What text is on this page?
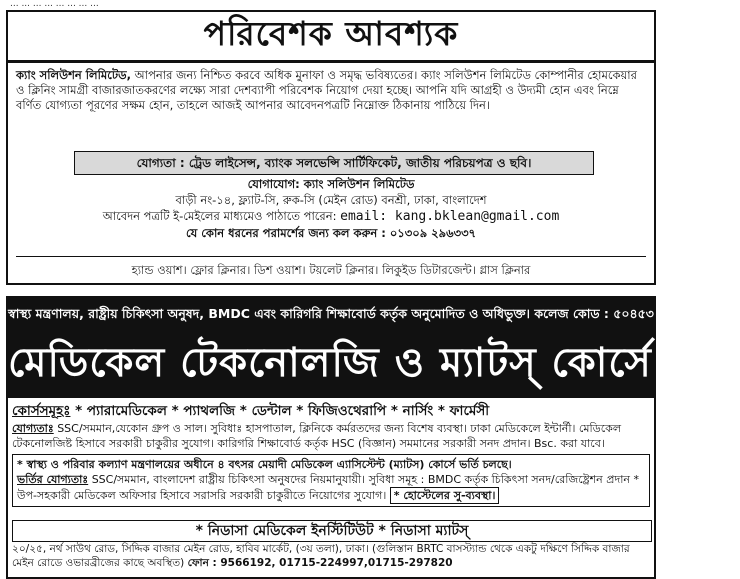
... ... ... ... ... ... ... ...
পরিবেশক আবশ্যক
ক্যাং সলিউশন লিমিটেড, আপনার জন্য নিশ্চিত করবে অধিক মুনাফা ও সমৃদ্ধ ভবিষ্যতের। ক্যাং সলিউশন লিমিটেড কোম্পানীর হোমকেয়ার ও ক্লিনিং সামগ্রী বাজারজাতকরণের লক্ষ্যে সারা দেশব্যাপী পরিবেশক নিয়োগ দেয়া হচ্ছে। আপনি যদি আগ্রহী ও উদ্যমী হোন এবং নিম্নে বর্ণিত যোগ্যতা পূরণের সক্ষম হোন, তাহলে আজই আপনার আবেদনপত্রটি নিম্নোক্ত ঠিকানায় পাঠিয়ে দিন।
যোগ্যতা : ট্রেড লাইসেন্স, ব্যাংক সলভেন্সি সার্টিফিকেট, জাতীয় পরিচয়পত্র ও ছবি।
যোগাযোগ: ক্যাং সলিউশন লিমিটেড
বাড়ী নং-১৪, ফ্ল্যাট-সি, রুক-সি (মেইন রোড) বনশ্রী, ঢাকা, বাংলাদেশ
আবেদন পত্রটি ই-মেইলের মাধ্যমেও পাঠাতে পারেন: email: kang.bklean@gmail.com
যে কোন ধরনের পরামর্শের জন্য কল করুন : ০১৩০৯ ২৯৬৩৩৭
হ্যান্ড ওয়াশ। ফ্লোর ক্লিনার। ডিশ ওয়াশ। টয়লেট ক্লিনার। লিকুইড ডিটারজেন্ট। গ্লাস ক্লিনার
স্বাস্থ্য মন্ত্রণালয়, রাষ্ট্রীয় চিকিৎসা অনুষদ, BMDC এবং কারিগরি শিক্ষাবোর্ড কর্তৃক অনুমোদিত ও অধিভুক্ত। কলেজ কোড : ৫০৪৫৩
মেডিকেল টেকনোলজি ও ম্যাটস্ কোর্সে ভর্তি
কোর্সসমূহঃ * প্যারামেডিকেল * প্যাথলজি * ডেন্টাল * ফিজিওথেরাপি * নার্সিং * ফার্মেসী
যোগ্যতাঃ SSC/সমমান,যেকোন গ্রুপ ও সাল। সুবিধাঃ হাসপাতাল, ক্লিনিকে কর্মরতদের জন্য বিশেষ ব্যবস্থা। ঢাকা মেডিকেলে ইন্টার্নী। মেডিকেল টেকনোলজিষ্ট হিসাবে সরকারী চাকুরীর সুযোগ। কারিগরি শিক্ষাবোর্ড কর্তৃক HSC (বিজ্ঞান) সমমানের সরকারী সনদ প্রদান। Bsc. করা যাবে।
* স্বাস্থ্য ও পরিবার কল্যাণ মন্ত্রণালয়ের অধীনে ৪ বৎসর মেয়াদী মেডিকেল এ্যাসিস্টেন্ট (ম্যাটস) কোর্সে ভর্তি চলছে।
ভর্তির যোগ্যতাঃ SSC/সমমান, বাংলাদেশ রাষ্ট্রীয় চিকিৎসা অনুষদের নিয়মানুযায়ী। সুবিধা সমূহ : BMDC কর্তৃক চিকিৎসা সনদ/রেজিষ্ট্রেশন প্রদান * উপ-সহকারী মেডিকেল অফিসার হিসাবে সরাসরি সরকারী চাকুরীতে নিয়োগের সুযোগ। * হোস্টেলের সু-ব্যবস্থা।
* নিডাসা মেডিকেল ইনস্টিটিউট * নিডাসা ম্যাটস্
২০/২৫, নর্থ সাউথ রোড, সিদ্দিক বাজার মেইন রোড, হাবিব মার্কেট, (৩য় তলা), ঢাকা। (গুলিস্তান BRTC বাসস্ট্যান্ড থেকে একটু দক্ষিণে সিদ্দিক বাজার মেইন রোডে ওভারব্রীজের কাছে অবস্থিত) ফোন : 9566192, 01715-224997,01715-297820
